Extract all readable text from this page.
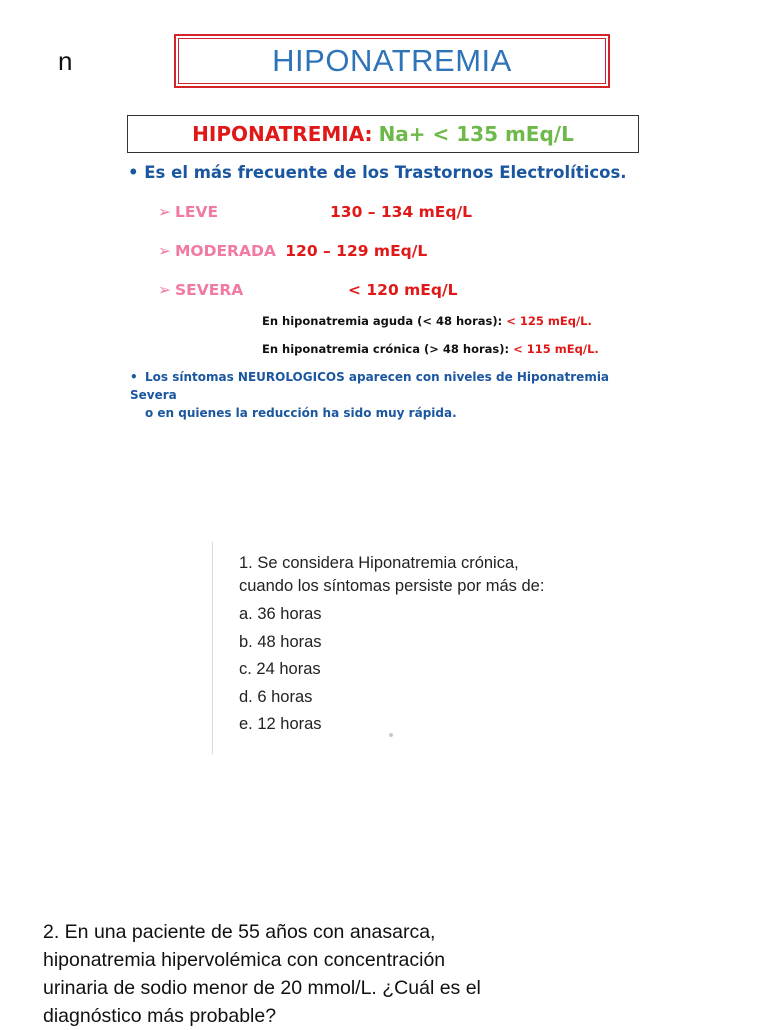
n	HIPONATREMIA
HIPONATREMIA: Na+ < 135 mEq/L
• Es el más frecuente de los Trastornos Electrolíticos.
➢ LEVE	130 – 134 mEq/L
➢ MODERADA 120 – 129 mEq/L
➢ SEVERA	< 120 mEq/L
En hiponatremia aguda (< 48 horas): < 125 mEq/L.
En hiponatremia crónica (> 48 horas): < 115 mEq/L.
• Los síntomas NEUROLOGICOS aparecen con niveles de Hiponatremia Severa
o en quienes la reducción ha sido muy rápida.
1. Se considera Hiponatremia crónica, cuando los síntomas persiste por más de:
a. 36 horas
b. 48 horas
c. 24 horas
d. 6 horas
e. 12 horas
2. En una paciente de 55 años con anasarca, hiponatremia hipervolémica con concentración urinaria de sodio menor de 20 mmol/L. ¿Cuál es el diagnóstico más probable?
